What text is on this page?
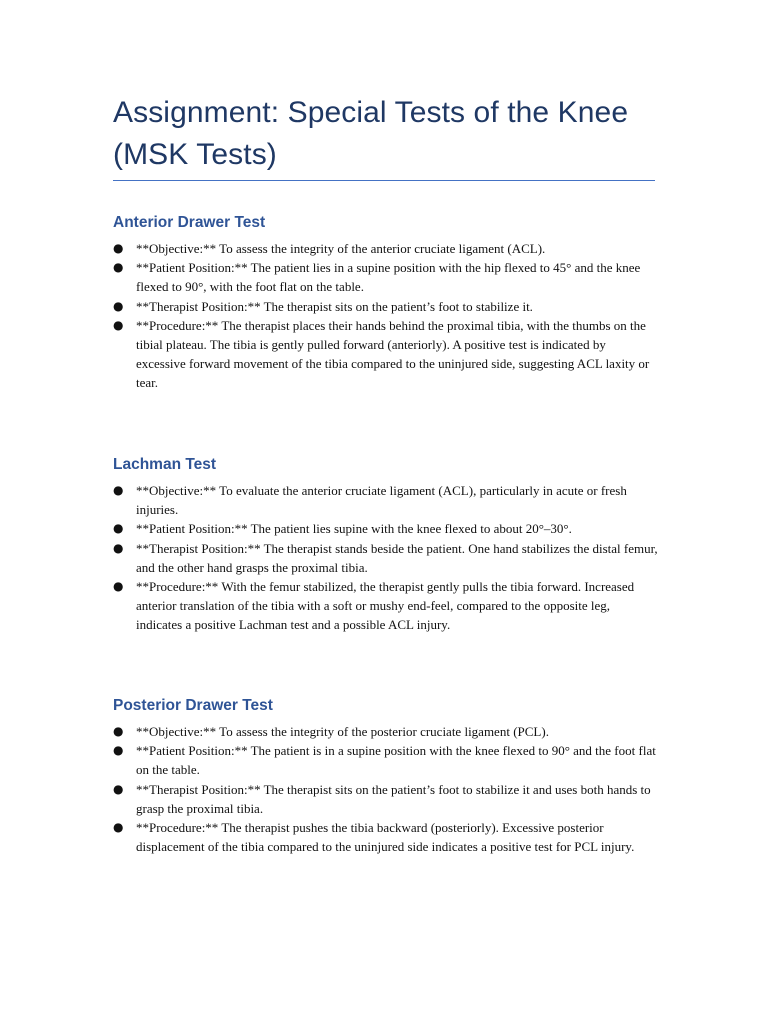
Assignment: Special Tests of the Knee (MSK Tests)
Anterior Drawer Test
● **Objective:** To assess the integrity of the anterior cruciate ligament (ACL).
● **Patient Position:** The patient lies in a supine position with the hip flexed to 45° and the knee flexed to 90°, with the foot flat on the table.
● **Therapist Position:** The therapist sits on the patient’s foot to stabilize it.
● **Procedure:** The therapist places their hands behind the proximal tibia, with the thumbs on the tibial plateau. The tibia is gently pulled forward (anteriorly). A positive test is indicated by excessive forward movement of the tibia compared to the uninjured side, suggesting ACL laxity or tear.
Lachman Test
● **Objective:** To evaluate the anterior cruciate ligament (ACL), particularly in acute or fresh injuries.
● **Patient Position:** The patient lies supine with the knee flexed to about 20°–30°.
● **Therapist Position:** The therapist stands beside the patient. One hand stabilizes the distal femur, and the other hand grasps the proximal tibia.
● **Procedure:** With the femur stabilized, the therapist gently pulls the tibia forward. Increased anterior translation of the tibia with a soft or mushy end-feel, compared to the opposite leg, indicates a positive Lachman test and a possible ACL injury.
Posterior Drawer Test
● **Objective:** To assess the integrity of the posterior cruciate ligament (PCL).
● **Patient Position:** The patient is in a supine position with the knee flexed to 90° and the foot flat on the table.
● **Therapist Position:** The therapist sits on the patient’s foot to stabilize it and uses both hands to grasp the proximal tibia.
● **Procedure:** The therapist pushes the tibia backward (posteriorly). Excessive posterior displacement of the tibia compared to the uninjured side indicates a positive test for PCL injury.
